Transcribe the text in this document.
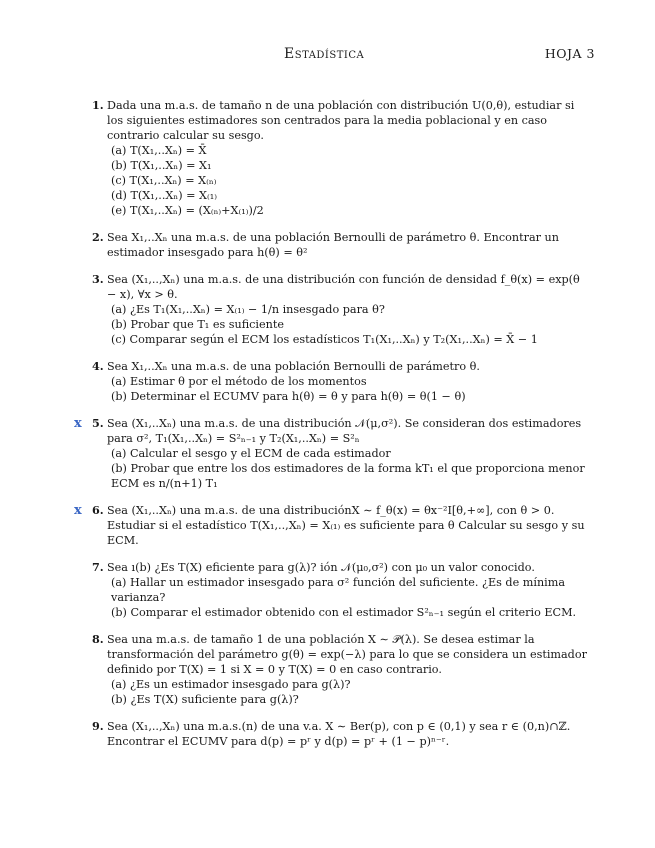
Estadística	HOJA 3
1. Dada una m.a.s. de tamaño n de una población con distribución U(0,θ), estudiar si los siguientes estimadores son centrados para la media poblacional y en caso contrario calcular su sesgo.
(a) T(X₁,..Xₙ) = X̄
(b) T(X₁,..Xₙ) = X₁
(c) T(X₁,..Xₙ) = X₍ₙ₎
(d) T(X₁,..Xₙ) = X₍₁₎
(e) T(X₁,..Xₙ) = (X₍ₙ₎+X₍₁₎)/2
2. Sea X₁,..Xₙ una m.a.s. de una población Bernoulli de parámetro θ. Encontrar un estimador insesgado para h(θ) = θ²
3. Sea (X₁,..,Xₙ) una m.a.s. de una distribución con función de densidad f_θ(x) = exp(θ − x), ∀x > θ.
(a) ¿Es T₁(X₁,..Xₙ) = X₍₁₎ − 1/n insesgado para θ?
(b) Probar que T₁ es suficiente
(c) Comparar según el ECM los estadísticos T₁(X₁,..Xₙ) y T₂(X₁,..Xₙ) = X̄ − 1
4. Sea X₁,..Xₙ una m.a.s. de una población Bernoulli de parámetro θ.
(a) Estimar θ por el método de los momentos
(b) Determinar el ECUMV para h(θ) = θ y para h(θ) = θ(1 − θ)
x 5. Sea (X₁,..Xₙ) una m.a.s. de una distribución 𝒩(μ,σ²). Se consideran dos estimadores para σ², T₁(X₁,..Xₙ) = S²ₙ₋₁ y T₂(X₁,..Xₙ) = S²ₙ
(a) Calcular el sesgo y el ECM de cada estimador
(b) Probar que entre los dos estimadores de la forma kT₁ el que proporciona menor ECM es n/(n+1) T₁
x 6. Sea (X₁,..Xₙ) una m.a.s. de una distribuciónX ∼ f_θ(x) = θx⁻²I[θ,+∞], con θ > 0. Estudiar si el estadístico T(X₁,..,Xₙ) = X₍₁₎ es suficiente para θ Calcular su sesgo y su ECM.
7. Sea ı(b) ¿Es T(X) eficiente para g(λ)? ión 𝒩(μ₀,σ²) con μ₀ un valor conocido.
(a) Hallar un estimador insesgado para σ² función del suficiente. ¿Es de mínima varianza?
(b) Comparar el estimador obtenido con el estimador S²ₙ₋₁ según el criterio ECM.
8. Sea una m.a.s. de tamaño 1 de una población X ∼ 𝒫(λ). Se desea estimar la transformación del parámetro g(θ) = exp(−λ) para lo que se considera un estimador definido por T(X) = 1 si X = 0 y T(X) = 0 en caso contrario.
(a) ¿Es un estimador insesgado para g(λ)?
(b) ¿Es T(X) suficiente para g(λ)?
9. Sea (X₁,..,Xₙ) una m.a.s.(n) de una v.a. X ∼ Ber(p), con p ∈ (0,1) y sea r ∈ (0,n)∩ℤ. Encontrar el ECUMV para d(p) = pʳ y d(p) = pʳ + (1 − p)ⁿ⁻ʳ.
